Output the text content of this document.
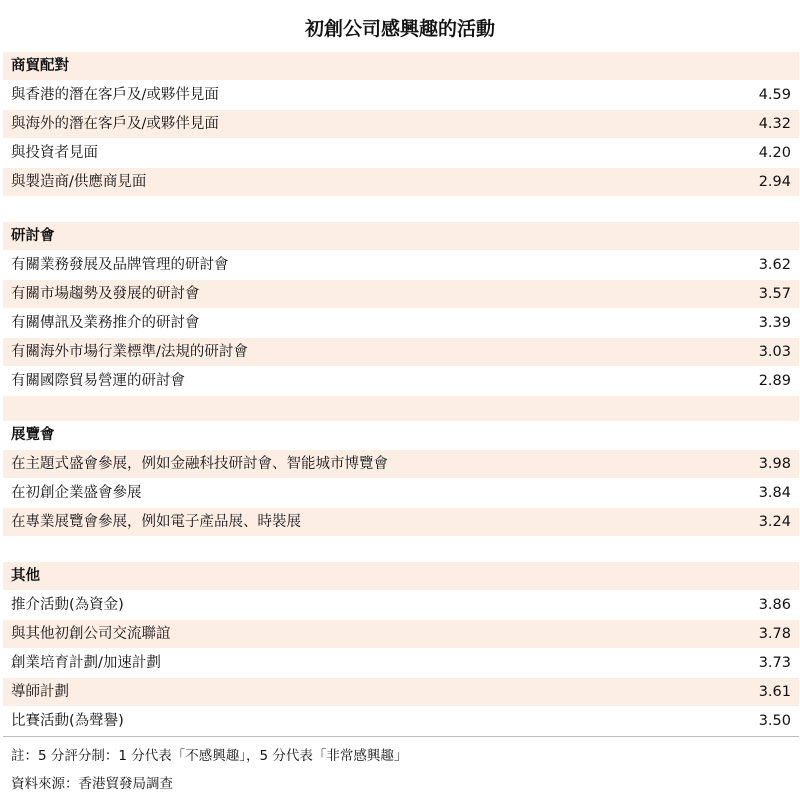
初創公司感興趣的活動
商貿配對
與香港的潛在客戶及/或夥伴見面	4.59
與海外的潛在客戶及/或夥伴見面	4.32
與投資者見面	4.20
與製造商/供應商見面	2.94
研討會
有關業務發展及品牌管理的研討會	3.62
有關市場趨勢及發展的研討會	3.57
有關傳訊及業務推介的研討會	3.39
有關海外市場行業標準/法規的研討會	3.03
有關國際貿易營運的研討會	2.89
展覽會
在主題式盛會參展，例如金融科技研討會、智能城市博覽會	3.98
在初創企業盛會參展	3.84
在專業展覽會參展，例如電子產品展、時裝展	3.24
其他
推介活動(為資金)	3.86
與其他初創公司交流聯誼	3.78
創業培育計劃/加速計劃	3.73
導師計劃	3.61
比賽活動(為聲譽)	3.50
註：5 分評分制：1 分代表「不感興趣」，5 分代表「非常感興趣」
資料來源：香港貿發局調查
